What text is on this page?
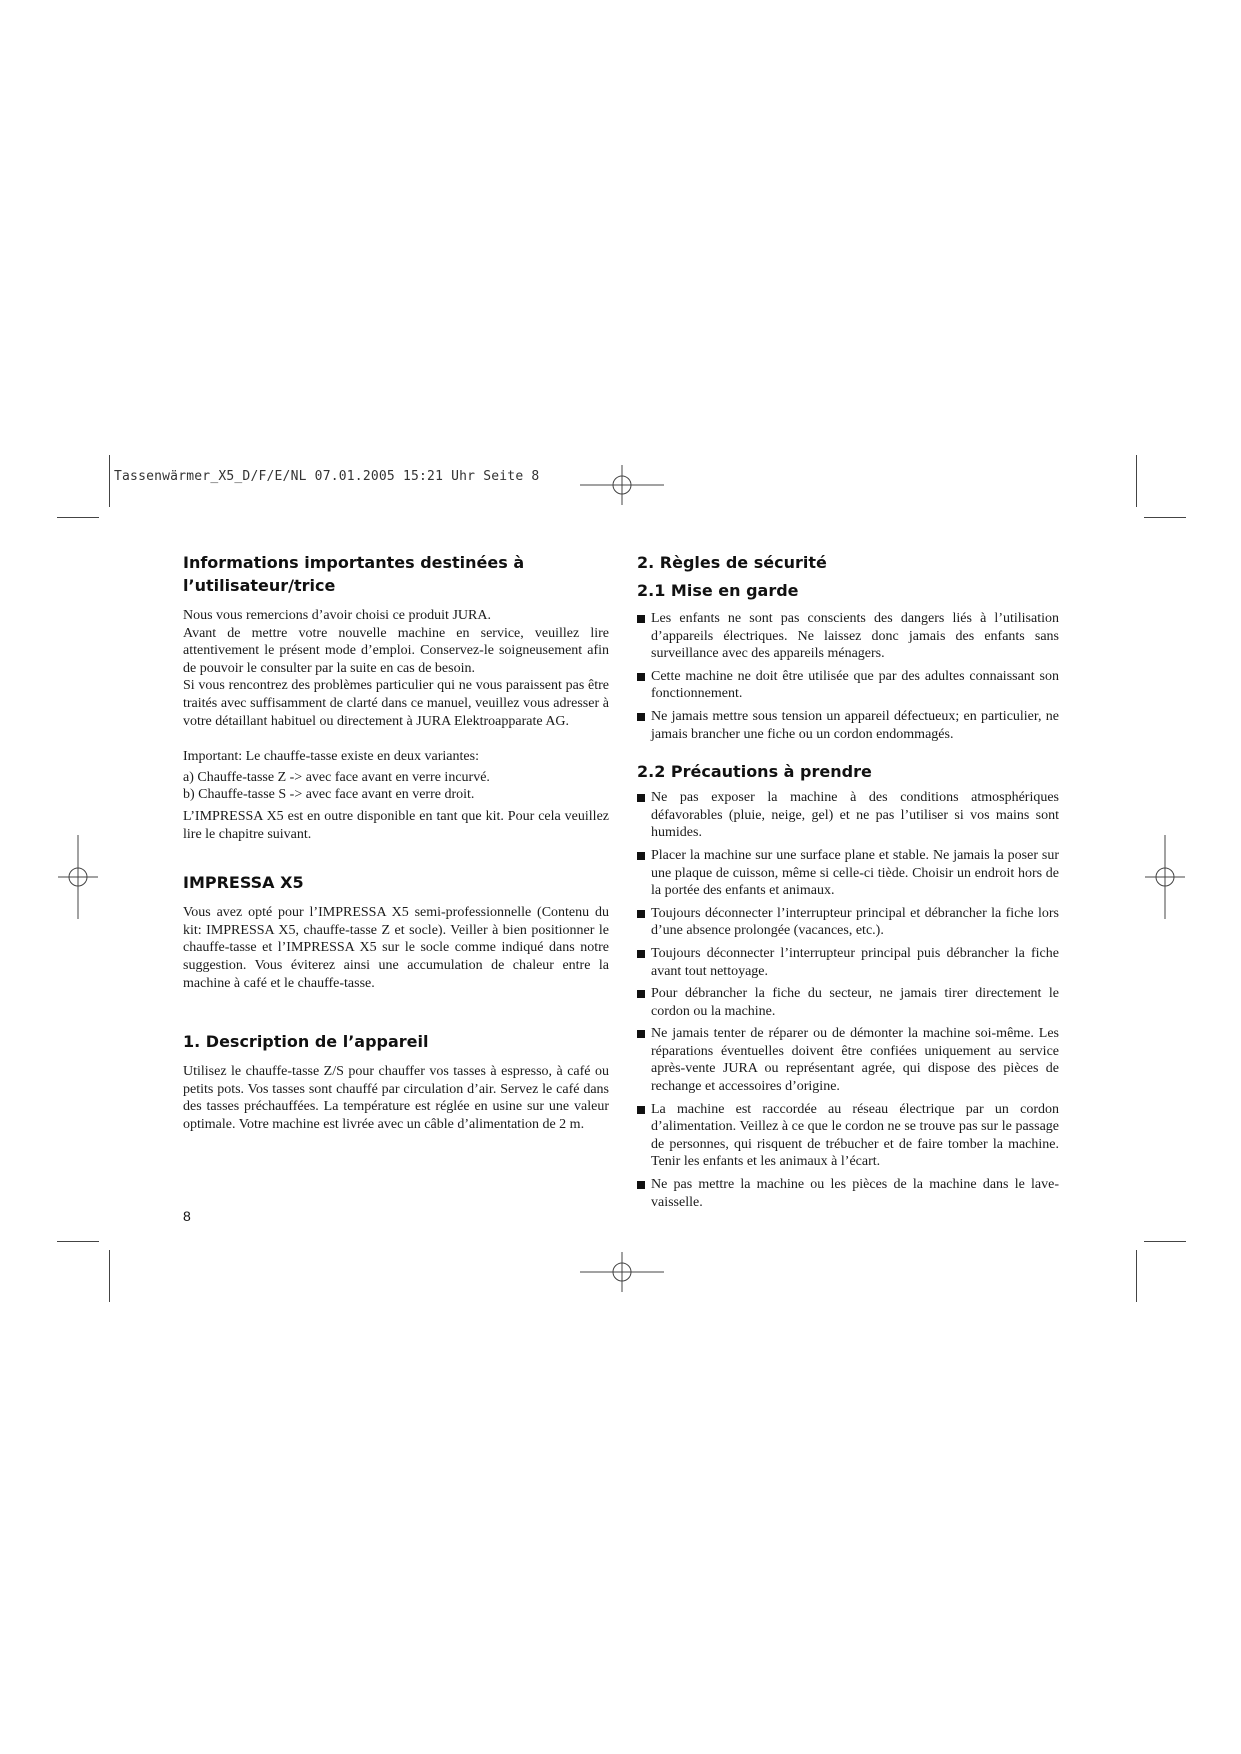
Tassenwärmer_X5_D/F/E/NL 07.01.2005 15:21 Uhr Seite 8
Informations importantes destinées à l’utilisateur/trice

Nous vous remercions d’avoir choisi ce produit JURA.

Avant de mettre votre nouvelle machine en service, veuillez lire attentivement le présent mode d’emploi. Conservez-le soigneusement afin de pouvoir le consulter par la suite en cas de besoin.

Si vous rencontrez des problèmes particulier qui ne vous paraissent pas être traités avec suffisamment de clarté dans ce manuel, veuillez vous adresser à votre détaillant habituel ou directement à JURA Elektroapparate AG.

Important: Le chauffe-tasse existe en deux variantes:

a) Chauffe-tasse Z -> avec face avant en verre incurvé.

b) Chauffe-tasse S -> avec face avant en verre droit.

L’IMPRESSA X5 est en outre disponible en tant que kit. Pour cela veuillez lire le chapitre suivant.

IMPRESSA X5

Vous avez opté pour l’IMPRESSA X5 semi-professionnelle (Contenu du kit: IMPRESSA X5, chauffe-tasse Z et socle). Veiller à bien positionner le chauffe-tasse et l’IMPRESSA X5 sur le socle comme indiqué dans notre suggestion. Vous éviterez ainsi une accumulation de chaleur entre la machine à café et le chauffe-tasse.

1. Description de l’appareil

Utilisez le chauffe-tasse Z/S pour chauffer vos tasses à espresso, à café ou petits pots. Vos tasses sont chauffé par circulation d’air. Servez le café dans des tasses préchauffées. La température est réglée en usine sur une valeur optimale. Votre machine est livrée avec un câble d’alimentation de 2 m.

2. Règles de sécurité
2.1 Mise en garde
Les enfants ne sont pas conscients des dangers liés à l’utilisation d’appareils électriques. Ne laissez donc jamais des enfants sans surveillance avec des appareils ménagers.
Cette machine ne doit être utilisée que par des adultes connaissant son fonctionnement.
Ne jamais mettre sous tension un appareil défectueux; en particulier, ne jamais brancher une fiche ou un cordon endommagés.
2.2 Précautions à prendre
Ne pas exposer la machine à des conditions atmosphériques défavorables (pluie, neige, gel) et ne pas l’utiliser si vos mains sont humides.
Placer la machine sur une surface plane et stable. Ne jamais la poser sur une plaque de cuisson, même si celle-ci tiède. Choisir un endroit hors de la portée des enfants et animaux.
Toujours déconnecter l’interrupteur principal et débrancher la fiche lors d’une absence prolongée (vacances, etc.).
Toujours déconnecter l’interrupteur principal puis débrancher la fiche avant tout nettoyage.
Pour débrancher la fiche du secteur, ne jamais tirer directement le cordon ou la machine.
Ne jamais tenter de réparer ou de démonter la machine soi-même. Les réparations éventuelles doivent être confiées uniquement au service après-vente JURA ou représentant agrée, qui dispose des pièces de rechange et accessoires d’origine.
La machine est raccordée au réseau électrique par un cordon d’alimentation. Veillez à ce que le cordon ne se trouve pas sur le passage de personnes, qui risquent de trébucher et de faire tomber la machine. Tenir les enfants et les animaux à l’écart.
Ne pas mettre la machine ou les pièces de la machine dans le lave-vaisselle.
8
